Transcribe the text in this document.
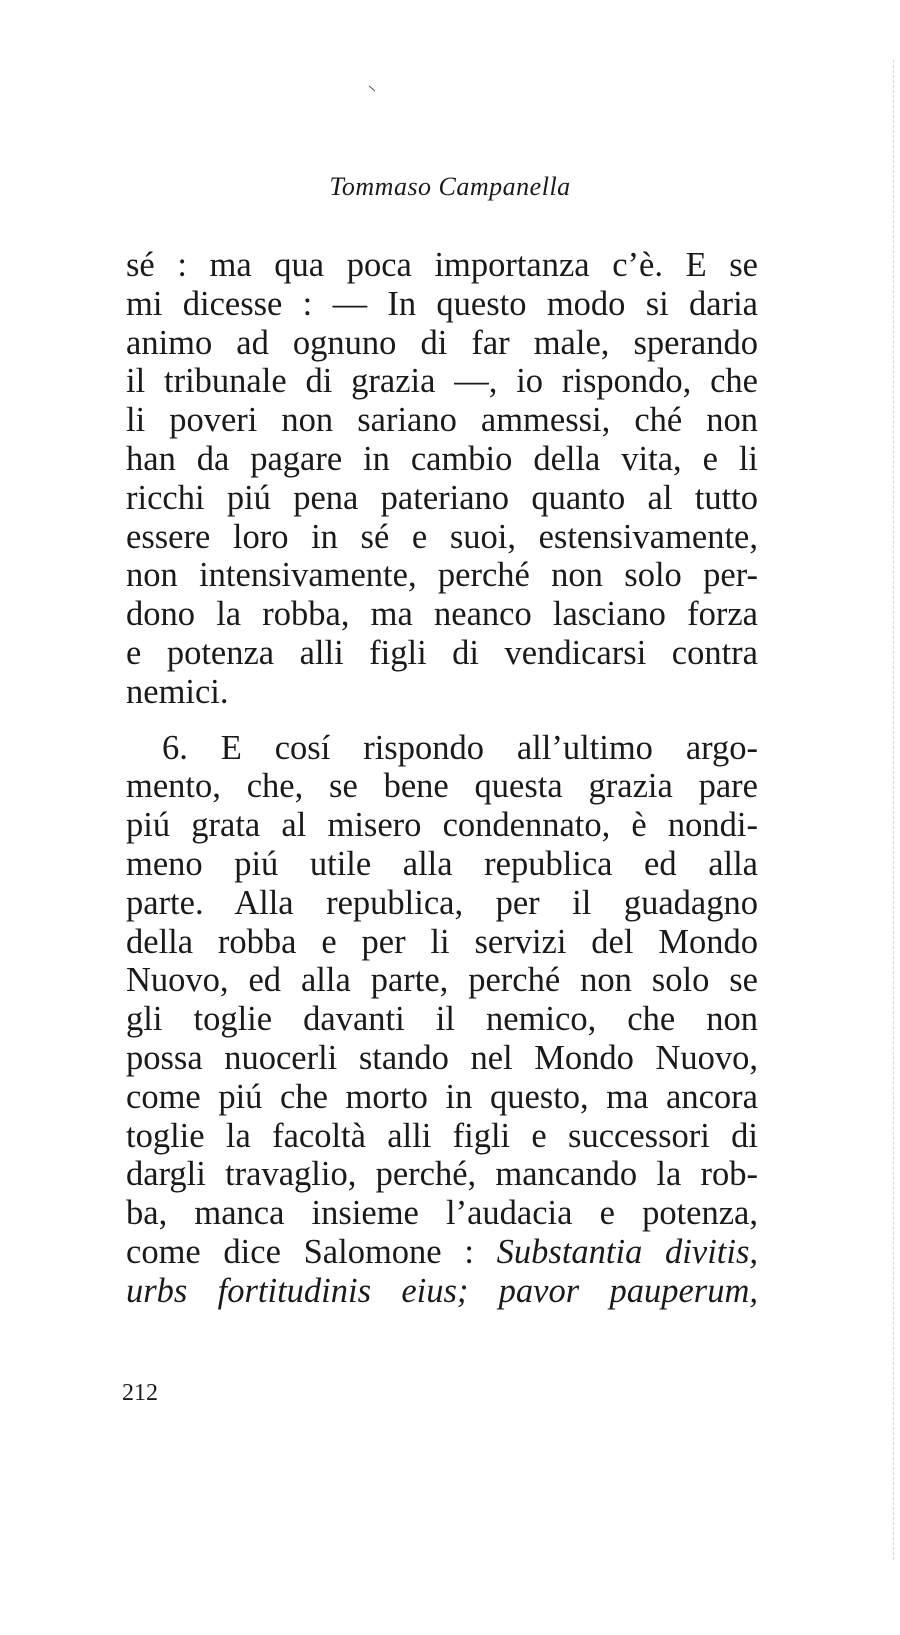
Tommaso Campanella
sé : ma qua poca importanza c’è. E se
mi dicesse : — In questo modo si daria
animo ad ognuno di far male, sperando
il tribunale di grazia —, io rispondo, che
li poveri non sariano ammessi, ché non
han da pagare in cambio della vita, e li
ricchi piú pena pateriano quanto al tutto
essere loro in sé e suoi, estensivamente,
non intensivamente, perché non solo per-
dono la robba, ma neanco lasciano forza
e potenza alli figli di vendicarsi contra
nemici.
6. E cosí rispondo all’ultimo argo-
mento, che, se bene questa grazia pare
piú grata al misero condennato, è nondi-
meno piú utile alla republica ed alla
parte. Alla republica, per il guadagno
della robba e per li servizi del Mondo
Nuovo, ed alla parte, perché non solo se
gli toglie davanti il nemico, che non
possa nuocerli stando nel Mondo Nuovo,
come piú che morto in questo, ma ancora
toglie la facoltà alli figli e successori di
dargli travaglio, perché, mancando la rob-
ba, manca insieme l’audacia e potenza,
come dice Salomone : Substantia divitis,
urbs fortitudinis eius; pavor pauperum,
212
